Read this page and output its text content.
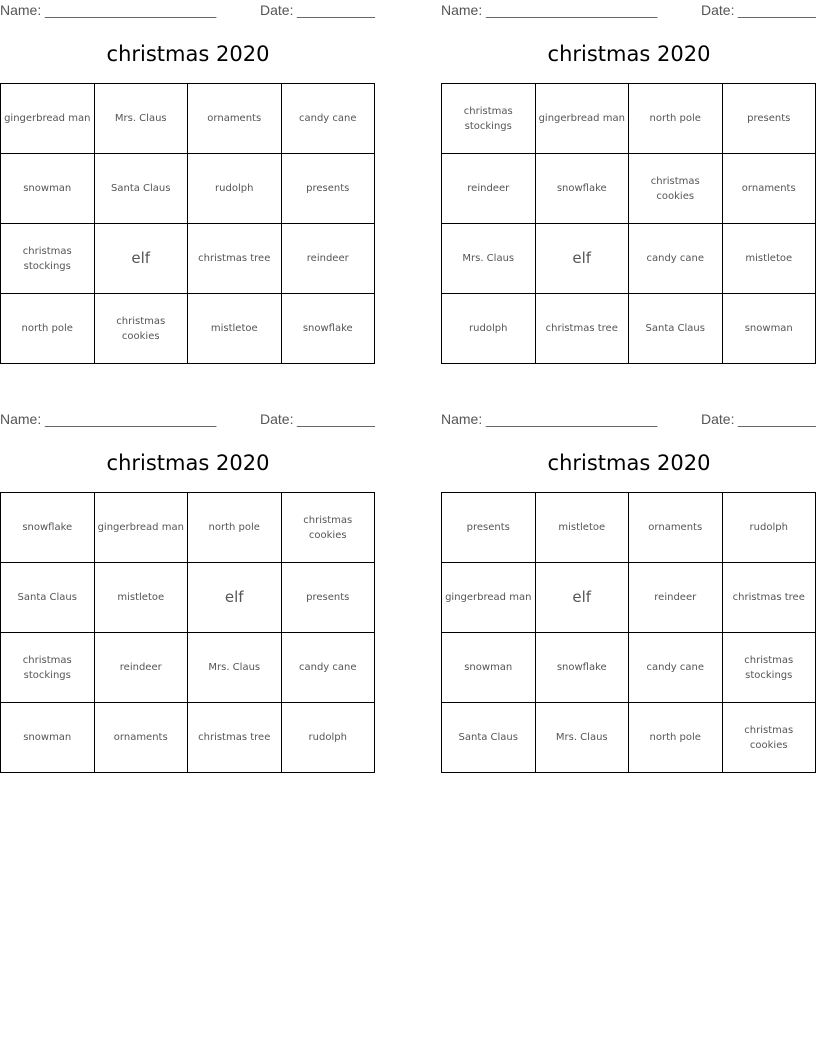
Name: ______________________	Date: __________
christmas 2020
gingerbread man	Mrs. Claus	ornaments	candy cane
snowman	Santa Claus	rudolph	presents
christmas stockings	elf	christmas tree	reindeer
north pole	christmas cookies	mistletoe	snowflake
Name: ______________________	Date: __________
christmas 2020
christmas stockings	gingerbread man	north pole	presents
reindeer	snowflake	christmas cookies	ornaments
Mrs. Claus	elf	candy cane	mistletoe
rudolph	christmas tree	Santa Claus	snowman
Name: ______________________	Date: __________
christmas 2020
snowflake	gingerbread man	north pole	christmas cookies
Santa Claus	mistletoe	elf	presents
christmas stockings	reindeer	Mrs. Claus	candy cane
snowman	ornaments	christmas tree	rudolph
Name: ______________________	Date: __________
christmas 2020
presents	mistletoe	ornaments	rudolph
gingerbread man	elf	reindeer	christmas tree
snowman	snowflake	candy cane	christmas stockings
Santa Claus	Mrs. Claus	north pole	christmas cookies
